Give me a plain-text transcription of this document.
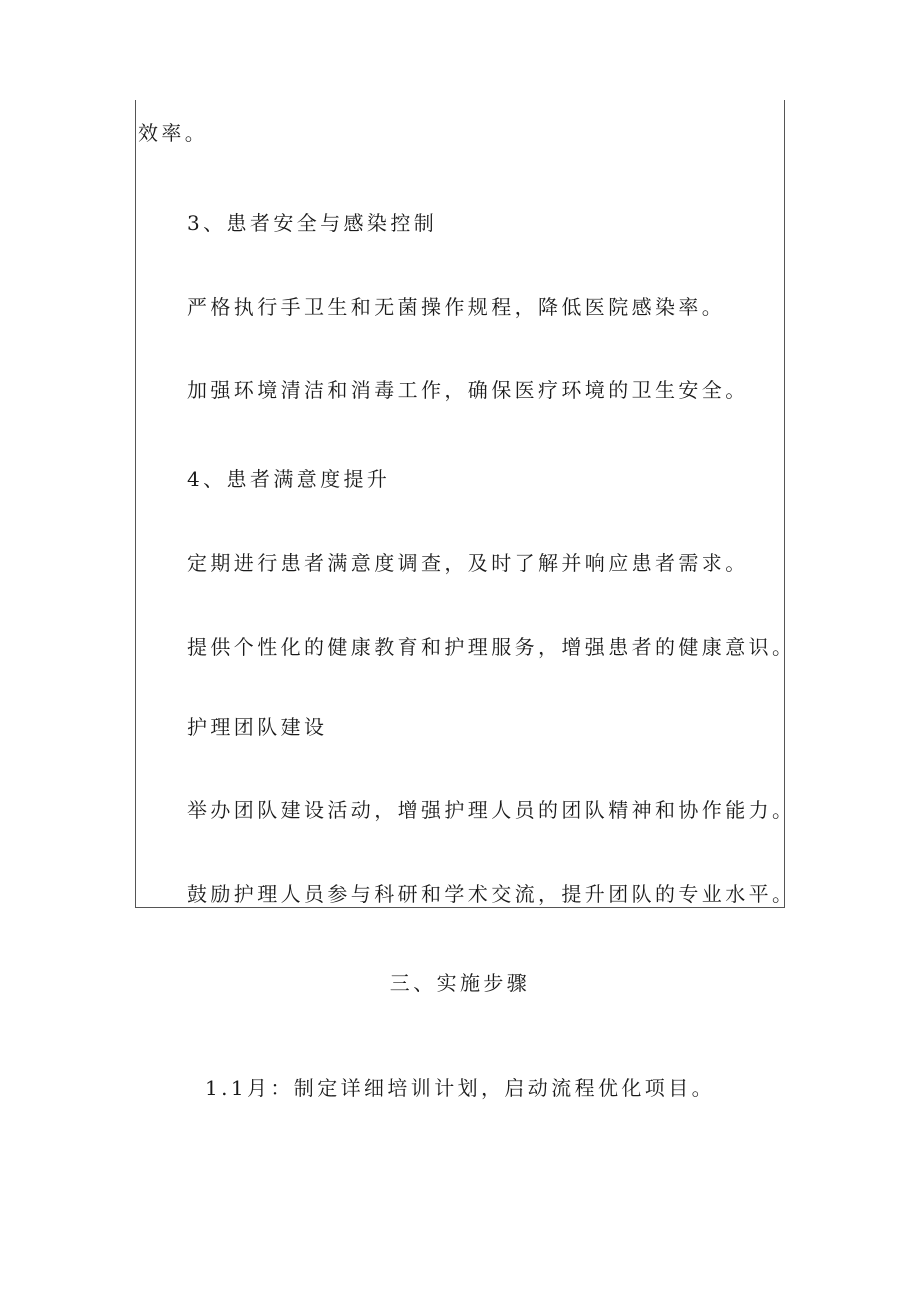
效率。
3、患者安全与感染控制
严格执行手卫生和无菌操作规程，降低医院感染率。
加强环境清洁和消毒工作，确保医疗环境的卫生安全。
4、患者满意度提升
定期进行患者满意度调查，及时了解并响应患者需求。
提供个性化的健康教育和护理服务，增强患者的健康意识。
护理团队建设
举办团队建设活动，增强护理人员的团队精神和协作能力。
鼓励护理人员参与科研和学术交流，提升团队的专业水平。
三、实施步骤
1.1月：制定详细培训计划，启动流程优化项目。
